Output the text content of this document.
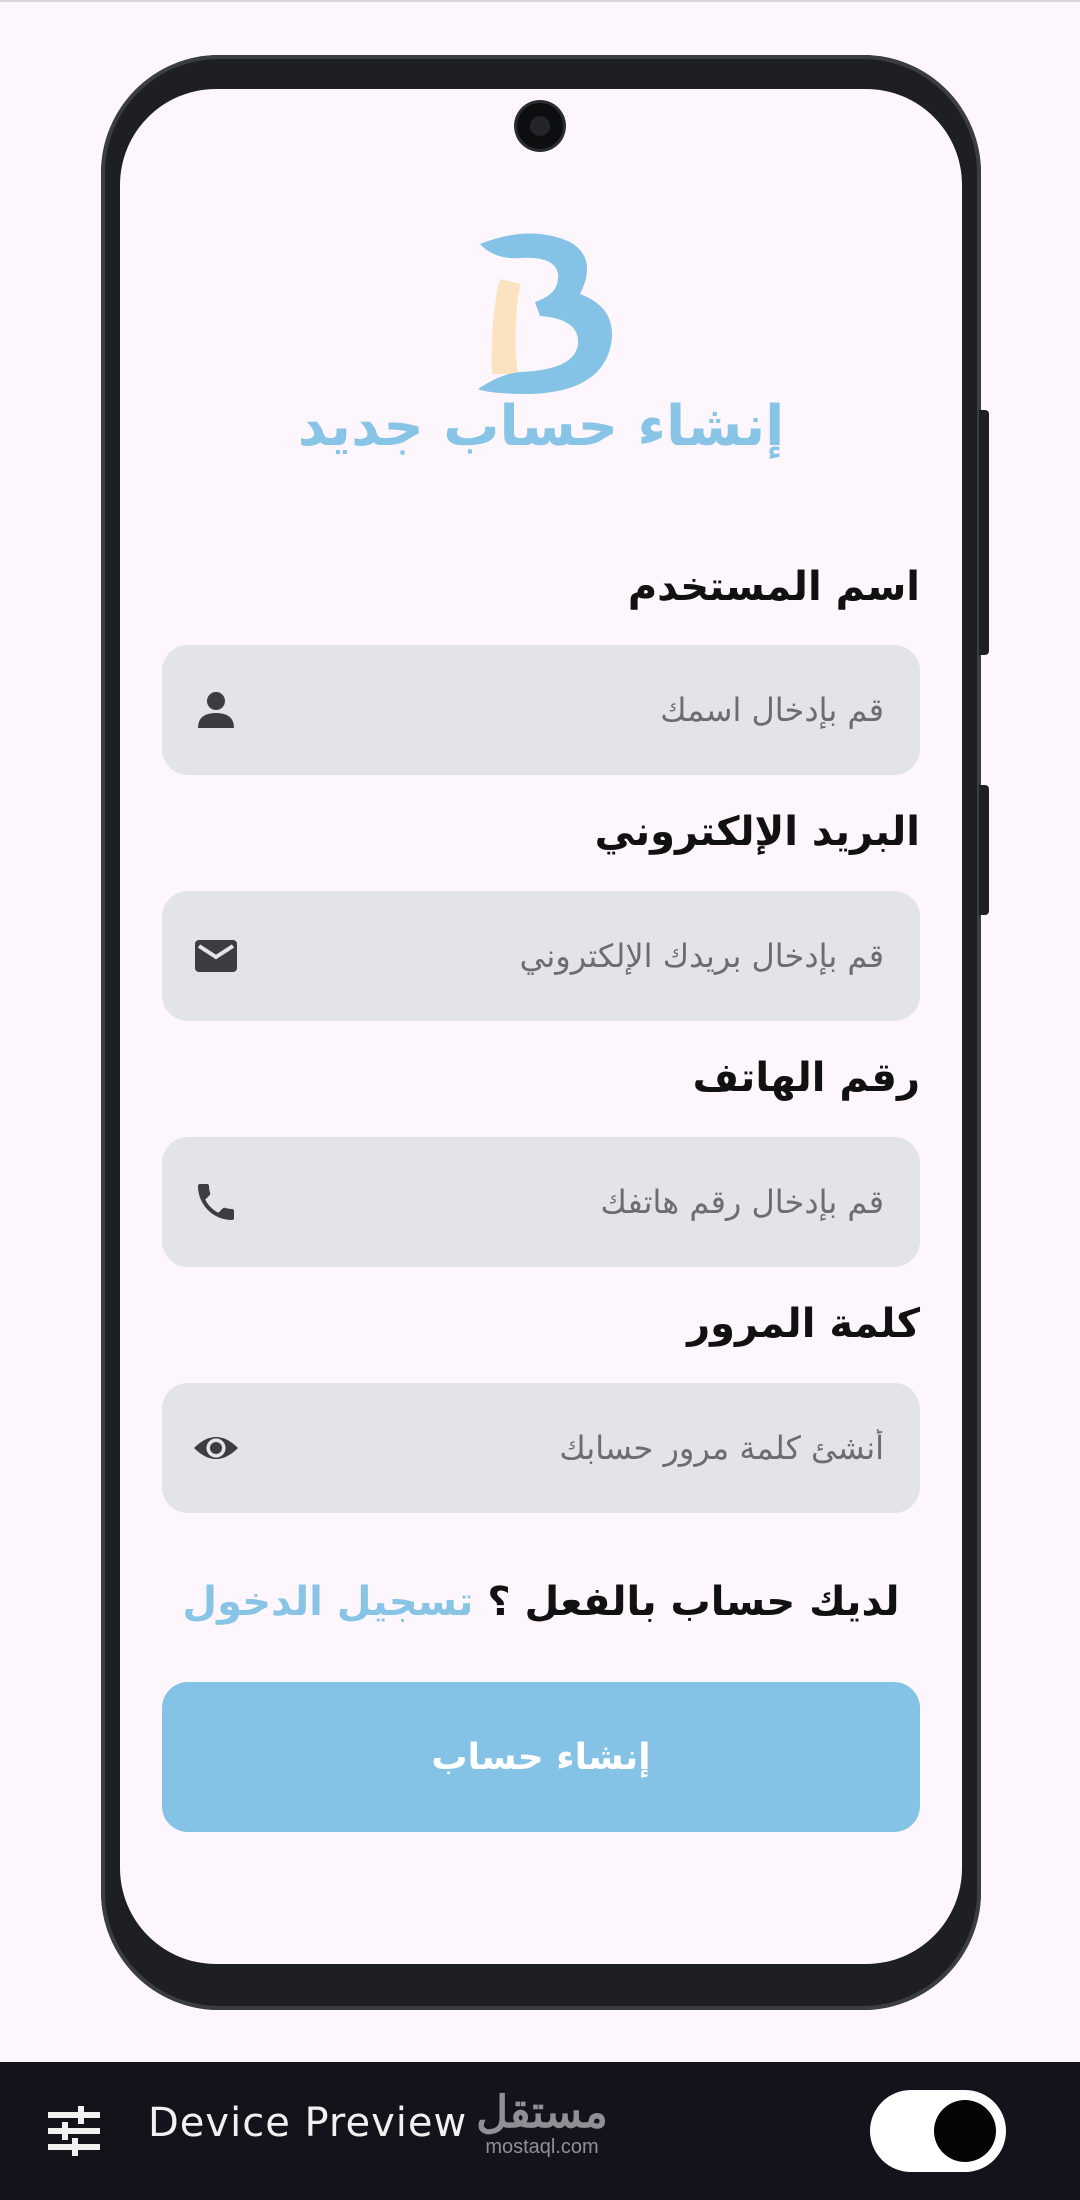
إنشاء حساب جديد
اسم المستخدم
قم بإدخال اسمك
البريد الإلكتروني
قم بإدخال بريدك الإلكتروني
رقم الهاتف
قم بإدخال رقم هاتفك
كلمة المرور
لديك حساب بالفعل ؟ تسجيل الدخول
إنشاء حساب
Device Preview مستقل
mostaql.com
